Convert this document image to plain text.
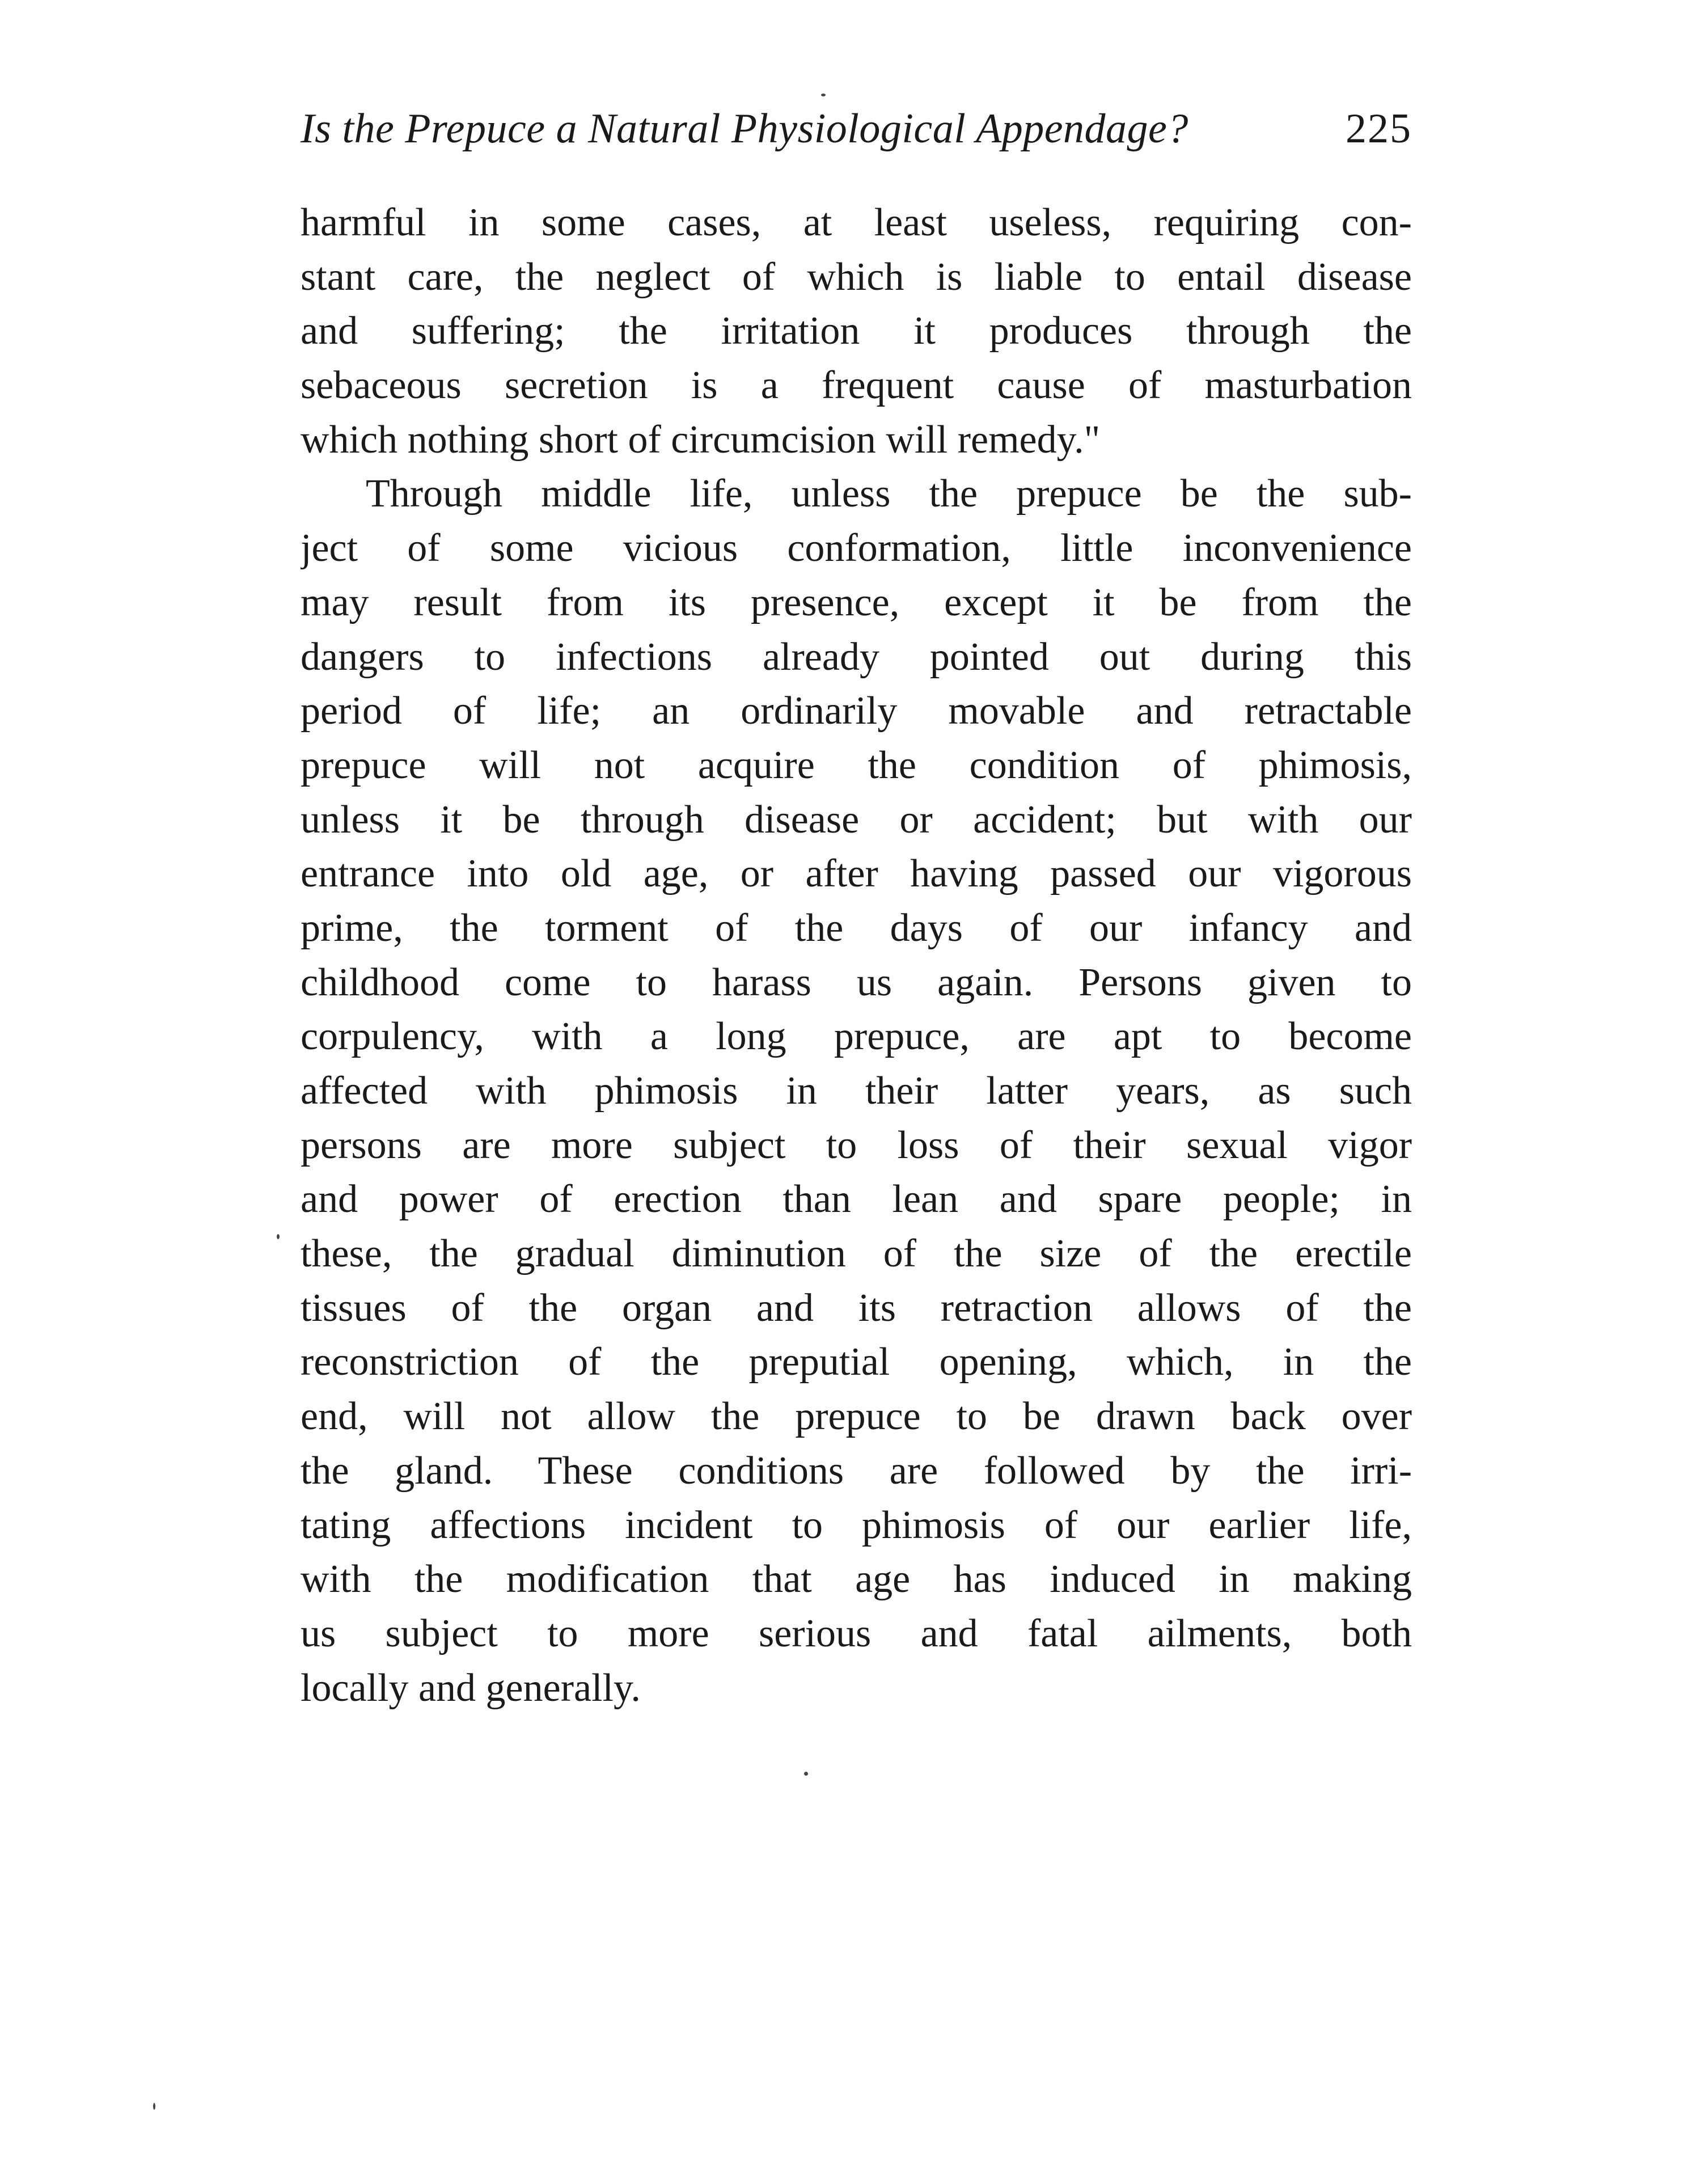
Is the Prepuce a Natural Physiological Appendage?	225
harmful in some cases, at least useless, requiring con-
stant care, the neglect of which is liable to entail disease
and suffering; the irritation it produces through the
sebaceous secretion is a frequent cause of masturbation
which nothing short of circumcision will remedy."
Through middle life, unless the prepuce be the sub-
ject of some vicious conformation, little inconvenience
may result from its presence, except it be from the
dangers to infections already pointed out during this
period of life; an ordinarily movable and retractable
prepuce will not acquire the condition of phimosis,
unless it be through disease or accident; but with our
entrance into old age, or after having passed our vigorous
prime, the torment of the days of our infancy and
childhood come to harass us again. Persons given to
corpulency, with a long prepuce, are apt to become
affected with phimosis in their latter years, as such
persons are more subject to loss of their sexual vigor
and power of erection than lean and spare people; in
these, the gradual diminution of the size of the erectile
tissues of the organ and its retraction allows of the
reconstriction of the preputial opening, which, in the
end, will not allow the prepuce to be drawn back over
the gland. These conditions are followed by the irri-
tating affections incident to phimosis of our earlier life,
with the modification that age has induced in making
us subject to more serious and fatal ailments, both
locally and generally.
